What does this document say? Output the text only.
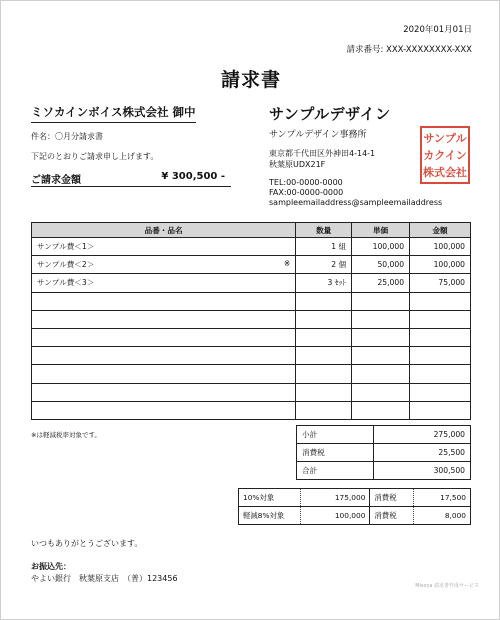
2020年01月01日
請求番号: XXX-XXXXXXXX-XXX
請求書
ミソカインボイス株式会社 御中
件名：〇月分請求書
下記のとおりご請求申し上げます。
ご請求金額	¥ 300,500 -
サンプルデザイン
サンプルデザイン事務所
東京都千代田区外神田4-14-1
秋葉原UDX21F
TEL:00-0000-0000
FAX:00-0000-0000
sampleemailaddress@sampleemailaddress
サンプル
カクイン
株式会社
品番・品名	数量	単価	金額
サンプル費＜1＞	1 組	100,000	100,000
サンプル費＜2＞ ※	2 個	50,000	100,000
サンプル費＜3＞	3 ｾｯﾄ	25,000	75,000

※は軽減税率対象です。	小計	275,000
消費税	25,500
合計	300,500
10%対象	175,000	消費税	17,500
軽減8%対象	100,000	消費税	8,000
いつもありがとうございます。
お振込先：
やよい銀行　秋葉原支店　（普）123456
Misoca 請求書作成サービス
